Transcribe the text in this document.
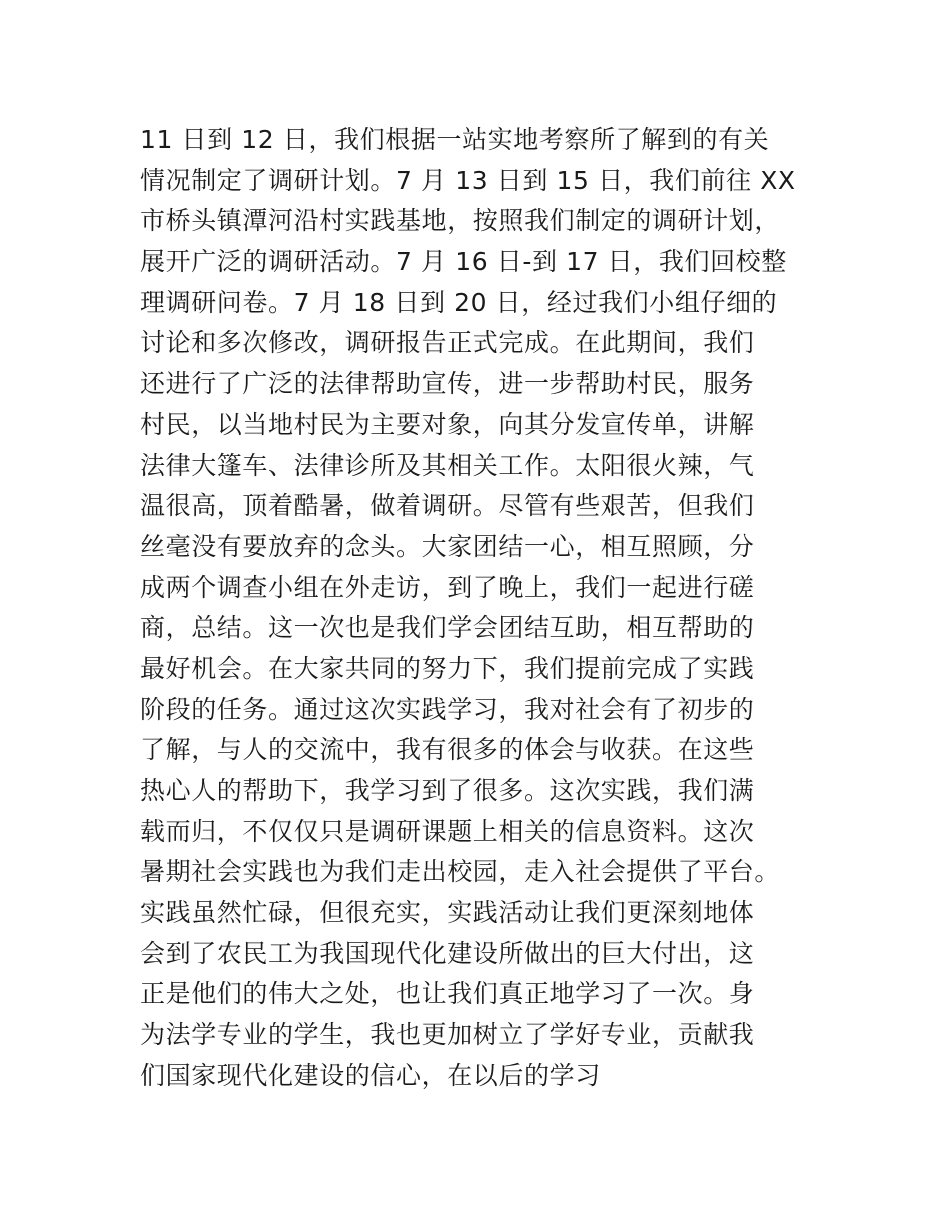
11 日到 12 日，我们根据一站实地考察所了解到的有关
情况制定了调研计划。7 月 13 日到 15 日，我们前往 XX
市桥头镇潭河沿村实践基地，按照我们制定的调研计划，
展开广泛的调研活动。7 月 16 日-到 17 日，我们回校整
理调研问卷。7 月 18 日到 20 日，经过我们小组仔细的
讨论和多次修改，调研报告正式完成。在此期间，我们
还进行了广泛的法律帮助宣传，进一步帮助村民，服务
村民，以当地村民为主要对象，向其分发宣传单，讲解
法律大篷车、法律诊所及其相关工作。太阳很火辣，气
温很高，顶着酷暑，做着调研。尽管有些艰苦，但我们
丝毫没有要放弃的念头。大家团结一心，相互照顾，分
成两个调查小组在外走访，到了晚上，我们一起进行磋
商，总结。这一次也是我们学会团结互助，相互帮助的
最好机会。在大家共同的努力下，我们提前完成了实践
阶段的任务。通过这次实践学习，我对社会有了初步的
了解，与人的交流中，我有很多的体会与收获。在这些
热心人的帮助下，我学习到了很多。这次实践，我们满
载而归，不仅仅只是调研课题上相关的信息资料。这次
暑期社会实践也为我们走出校园，走入社会提供了平台。
实践虽然忙碌，但很充实，实践活动让我们更深刻地体
会到了农民工为我国现代化建设所做出的巨大付出，这
正是他们的伟大之处，也让我们真正地学习了一次。身
为法学专业的学生，我也更加树立了学好专业，贡献我
们国家现代化建设的信心，在以后的学习
